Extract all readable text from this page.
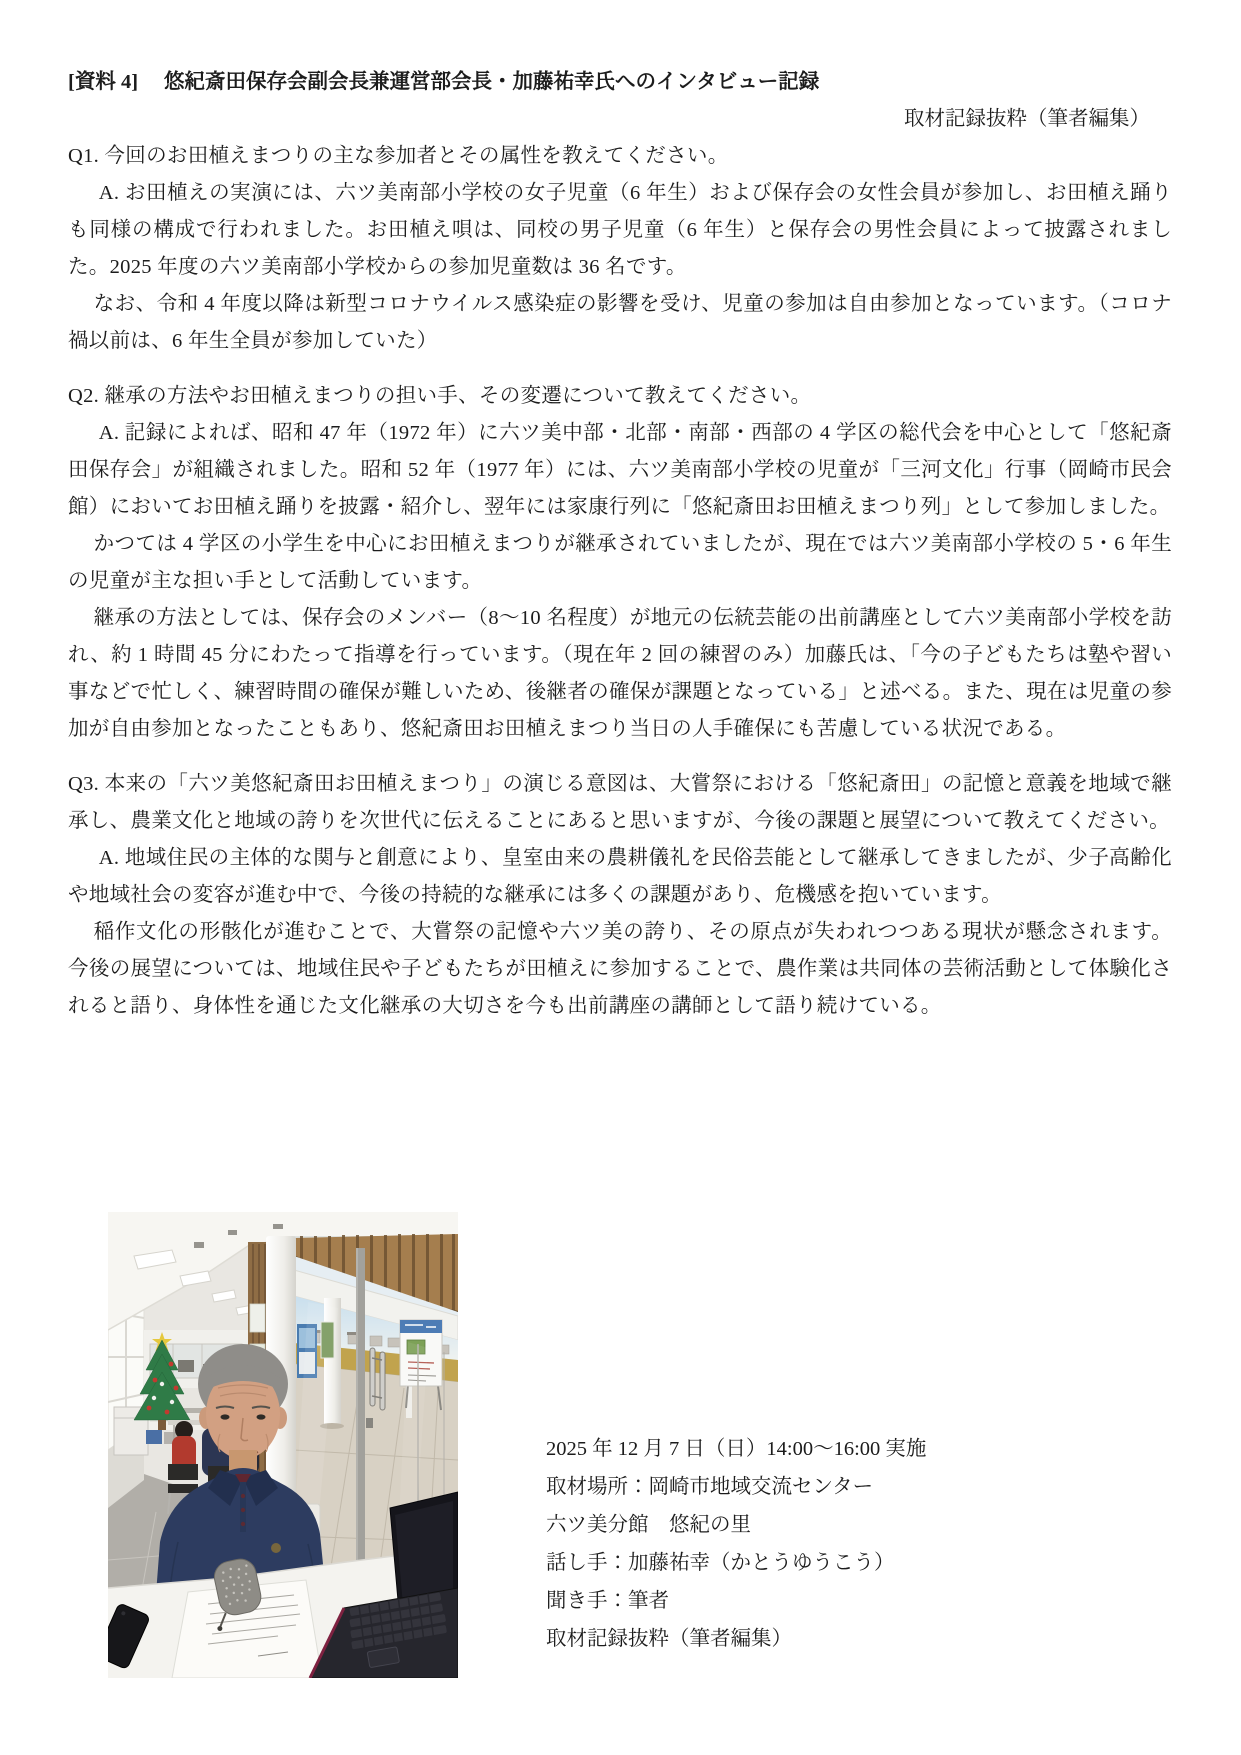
[資料 4] 悠紀斎田保存会副会長兼運営部会長・加藤祐幸氏へのインタビュー記録
取材記録抜粋（筆者編集）

Q1. 今回のお田植えまつりの主な参加者とその属性を教えてください。

A. お田植えの実演には、六ツ美南部小学校の女子児童（6 年生）および保存会の女性会員が参加し、お田植え踊りも同様の構成で行われました。お田植え唄は、同校の男子児童（6 年生）と保存会の男性会員によって披露されました。2025 年度の六ツ美南部小学校からの参加児童数は 36 名です。

なお、令和 4 年度以降は新型コロナウイルス感染症の影響を受け、児童の参加は自由参加となっています。（コロナ禍以前は、6 年生全員が参加していた）

Q2. 継承の方法やお田植えまつりの担い手、その変遷について教えてください。

A. 記録によれば、昭和 47 年（1972 年）に六ツ美中部・北部・南部・西部の 4 学区の総代会を中心として「悠紀斎田保存会」が組織されました。昭和 52 年（1977 年）には、六ツ美南部小学校の児童が「三河文化」行事（岡崎市民会館）においてお田植え踊りを披露・紹介し、翌年には家康行列に「悠紀斎田お田植えまつり列」として参加しました。

かつては 4 学区の小学生を中心にお田植えまつりが継承されていましたが、現在では六ツ美南部小学校の 5・6 年生の児童が主な担い手として活動しています。

継承の方法としては、保存会のメンバー（8～10 名程度）が地元の伝統芸能の出前講座として六ツ美南部小学校を訪れ、約 1 時間 45 分にわたって指導を行っています。（現在年 2 回の練習のみ）加藤氏は、「今の子どもたちは塾や習い事などで忙しく、練習時間の確保が難しいため、後継者の確保が課題となっている」と述べる。また、現在は児童の参加が自由参加となったこともあり、悠紀斎田お田植えまつり当日の人手確保にも苦慮している状況である。

Q3. 本来の「六ツ美悠紀斎田お田植えまつり」の演じる意図は、大嘗祭における「悠紀斎田」の記憶と意義を地域で継承し、農業文化と地域の誇りを次世代に伝えることにあると思いますが、今後の課題と展望について教えてください。

A. 地域住民の主体的な関与と創意により、皇室由来の農耕儀礼を民俗芸能として継承してきましたが、少子高齢化や地域社会の変容が進む中で、今後の持続的な継承には多くの課題があり、危機感を抱いています。

稲作文化の形骸化が進むことで、大嘗祭の記憶や六ツ美の誇り、その原点が失われつつある現状が懸念されます。今後の展望については、地域住民や子どもたちが田植えに参加することで、農作業は共同体の芸術活動として体験化されると語り、身体性を通じた文化継承の大切さを今も出前講座の講師として語り続けている。

2025 年 12 月 7 日（日）14:00～16:00 実施
取材場所：岡崎市地域交流センター
六ツ美分館　悠紀の里
話し手：加藤祐幸（かとうゆうこう）
聞き手：筆者
取材記録抜粋（筆者編集）
